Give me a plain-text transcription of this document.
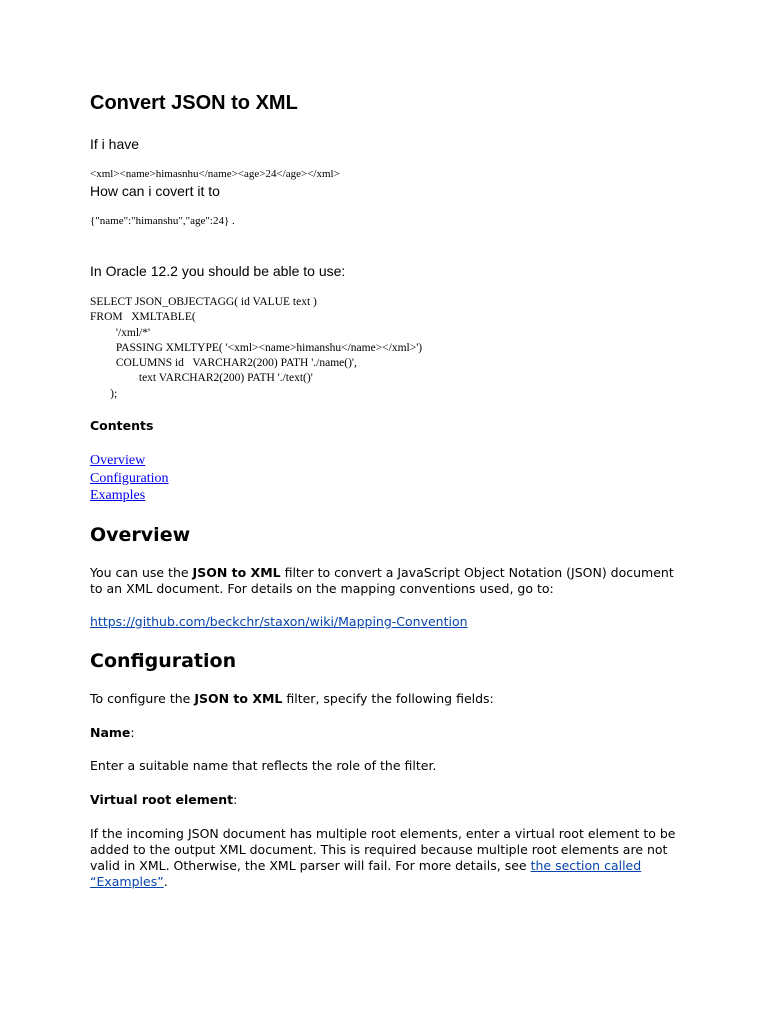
Convert JSON to XML
If i have
<xml><name>himasnhu</name><age>24</age></xml>
How can i covert it to
{"name":"himanshu","age":24} .
In Oracle 12.2 you should be able to use:
SELECT JSON_OBJECTAGG( id VALUE text )
FROM   XMLTABLE(
'/xml/*'
PASSING XMLTYPE( '<xml><name>himanshu</name></xml>')
COLUMNS id   VARCHAR2(200) PATH './name()',
text VARCHAR2(200) PATH './text()'
);
Contents
Overview
Configuration
Examples
Overview
You can use the JSON to XML filter to convert a JavaScript Object Notation (JSON) document to an XML document. For details on the mapping conventions used, go to:
https://github.com/beckchr/staxon/wiki/Mapping-Convention
Configuration
To configure the JSON to XML filter, specify the following fields:
Name:
Enter a suitable name that reflects the role of the filter.
Virtual root element:
If the incoming JSON document has multiple root elements, enter a virtual root element to be added to the output XML document. This is required because multiple root elements are not valid in XML. Otherwise, the XML parser will fail. For more details, see the section called “Examples”.
